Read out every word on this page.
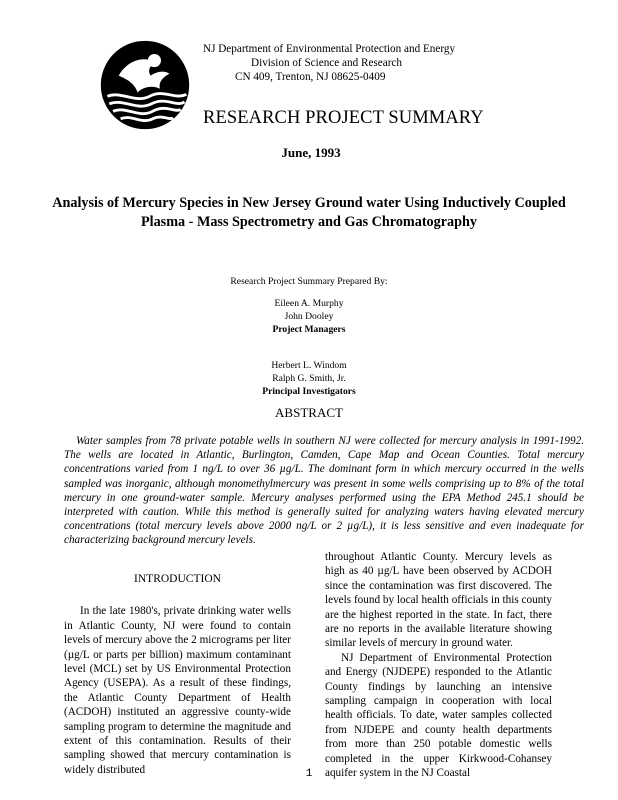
NJ Department of Environmental Protection and Energy
Division of Science and Research
CN 409, Trenton, NJ 08625-0409
RESEARCH PROJECT SUMMARY
June, 1993
Analysis of Mercury Species in New Jersey Ground water Using Inductively Coupled Plasma - Mass Spectrometry and Gas Chromatography
Research Project Summary Prepared By:
Eileen A. Murphy
John Dooley
Project Managers
Herbert L. Windom
Ralph G. Smith, Jr.
Principal Investigators
ABSTRACT

Water samples from 78 private potable wells in southern NJ were collected for mercury analysis in 1991-1992. The wells are located in Atlantic, Burlington, Camden, Cape Map and Ocean Counties. Total mercury concentrations varied from 1 ng/L to over 36 µg/L. The dominant form in which mercury occurred in the wells sampled was inorganic, although monomethylmercury was present in some wells comprising up to 8% of the total mercury in one ground-water sample. Mercury analyses performed using the EPA Method 245.1 should be interpreted with caution. While this method is generally suited for analyzing waters having elevated mercury concentrations (total mercury levels above 2000 ng/L or 2 µg/L), it is less sensitive and even inadequate for characterizing background mercury levels.

INTRODUCTION

In the late 1980's, private drinking water wells in Atlantic County, NJ were found to contain levels of mercury above the 2 micrograms per liter (µg/L or parts per billion) maximum contaminant level (MCL) set by US Environmental Protection Agency (USEPA). As a result of these findings, the Atlantic County Department of Health (ACDOH) instituted an aggressive county-wide sampling program to determine the magnitude and extent of this contamination. Results of their sampling showed that mercury contamination is widely distributed

throughout Atlantic County. Mercury levels as high as 40 µg/L have been observed by ACDOH since the contamination was first discovered. The levels found by local health officials in this county are the highest reported in the state. In fact, there are no reports in the available literature showing similar levels of mercury in ground water.

NJ Department of Environmental Protection and Energy (NJDEPE) responded to the Atlantic County findings by launching an intensive sampling campaign in cooperation with local health officials. To date, water samples collected from NJDEPE and county health departments from more than 250 potable domestic wells completed in the upper Kirkwood-Cohansey aquifer system in the NJ Coastal

1
